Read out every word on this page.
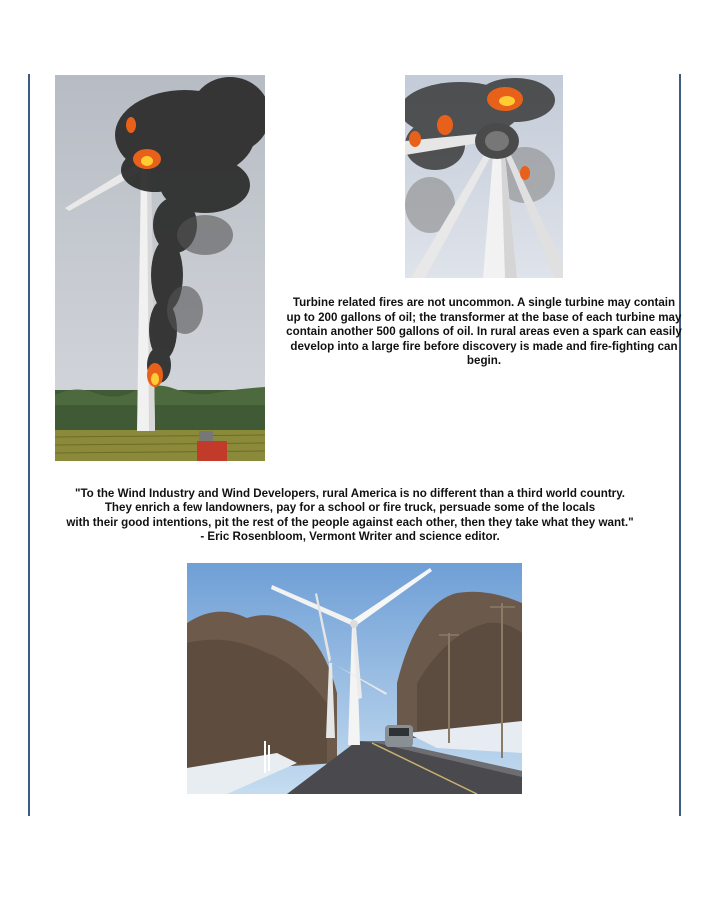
Turbine related fires are not uncommon. A single turbine may contain up to 200 gallons of oil; the transformer at the base of each turbine may contain another 500 gallons of oil. In rural areas even a spark can easily develop into a large fire before discovery is made and fire-fighting can begin.
"To the Wind Industry and Wind Developers, rural America is no different than a third world country.
They enrich a few landowners, pay for a school or fire truck, persuade some of the locals
with their good intentions, pit the rest of the people against each other, then they take what they want."
- Eric Rosenbloom, Vermont Writer and science editor.
